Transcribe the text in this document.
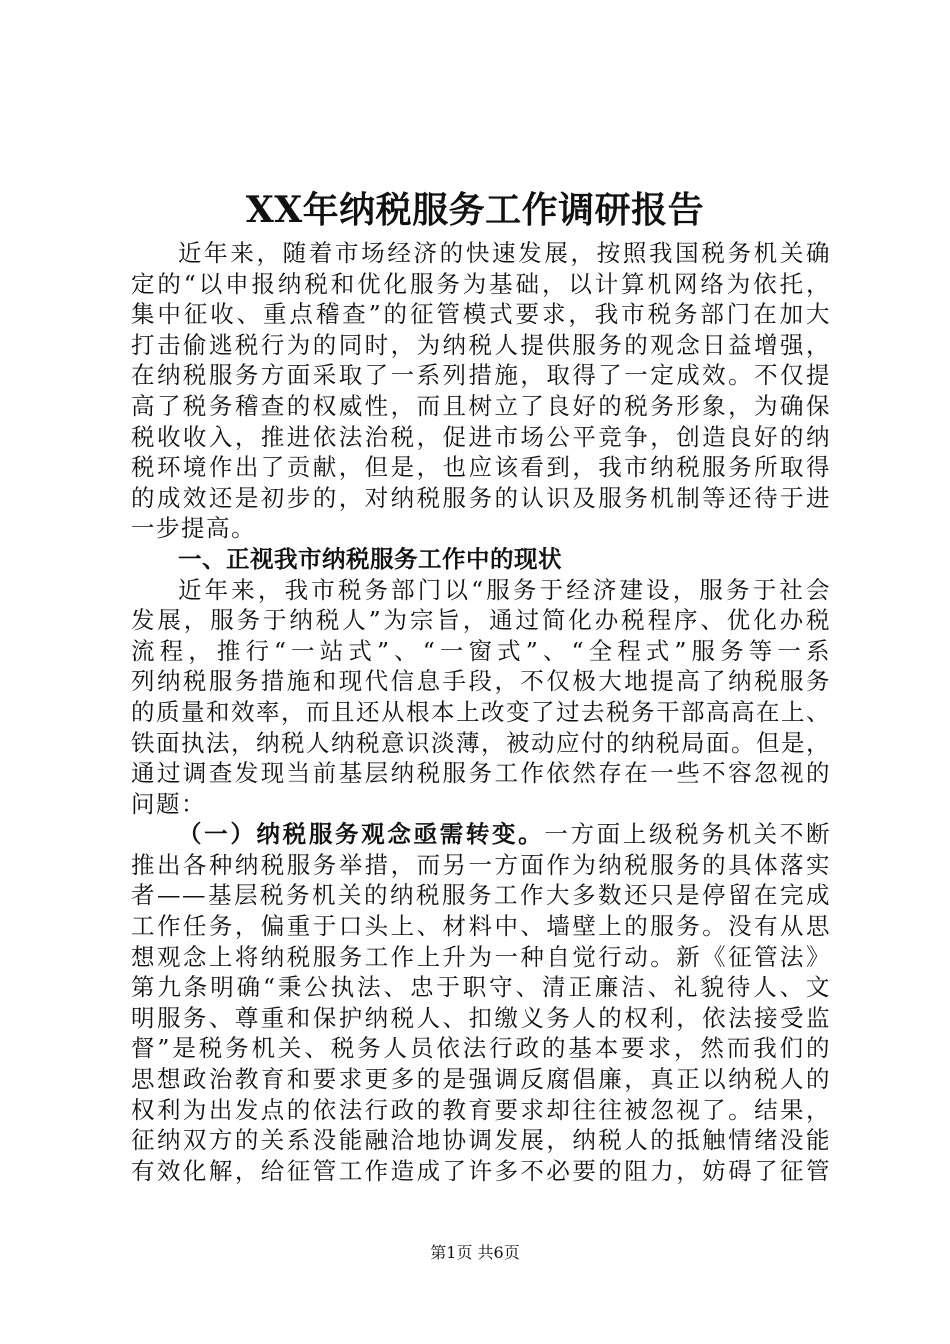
XX年纳税服务工作调研报告
近年来，随着市场经济的快速发展，按照我国税务机关确
定的“以申报纳税和优化服务为基础，以计算机网络为依托，
集中征收、重点稽查”的征管模式要求，我市税务部门在加大
打击偷逃税行为的同时，为纳税人提供服务的观念日益增强，
在纳税服务方面采取了一系列措施，取得了一定成效。不仅提
高了税务稽查的权威性，而且树立了良好的税务形象，为确保
税收收入，推进依法治税，促进市场公平竞争，创造良好的纳
税环境作出了贡献，但是，也应该看到，我市纳税服务所取得
的成效还是初步的，对纳税服务的认识及服务机制等还待于进
一步提高。
一、正视我市纳税服务工作中的现状
近年来，我市税务部门以“服务于经济建设，服务于社会
发展，服务于纳税人”为宗旨，通过简化办税程序、优化办税
流程，推行“一站式”、“一窗式”、“全程式”服务等一系
列纳税服务措施和现代信息手段，不仅极大地提高了纳税服务
的质量和效率，而且还从根本上改变了过去税务干部高高在上、
铁面执法，纳税人纳税意识淡薄，被动应付的纳税局面。但是，
通过调查发现当前基层纳税服务工作依然存在一些不容忽视的
问题：
（一）纳税服务观念亟需转变。一方面上级税务机关不断
推出各种纳税服务举措，而另一方面作为纳税服务的具体落实
者——基层税务机关的纳税服务工作大多数还只是停留在完成
工作任务，偏重于口头上、材料中、墙壁上的服务。没有从思
想观念上将纳税服务工作上升为一种自觉行动。新《征管法》
第九条明确“秉公执法、忠于职守、清正廉洁、礼貌待人、文
明服务、尊重和保护纳税人、扣缴义务人的权利，依法接受监
督”是税务机关、税务人员依法行政的基本要求，然而我们的
思想政治教育和要求更多的是强调反腐倡廉，真正以纳税人的
权利为出发点的依法行政的教育要求却往往被忽视了。结果，
征纳双方的关系没能融洽地协调发展，纳税人的抵触情绪没能
有效化解，给征管工作造成了许多不必要的阻力，妨碍了征管
第1页 共6页
